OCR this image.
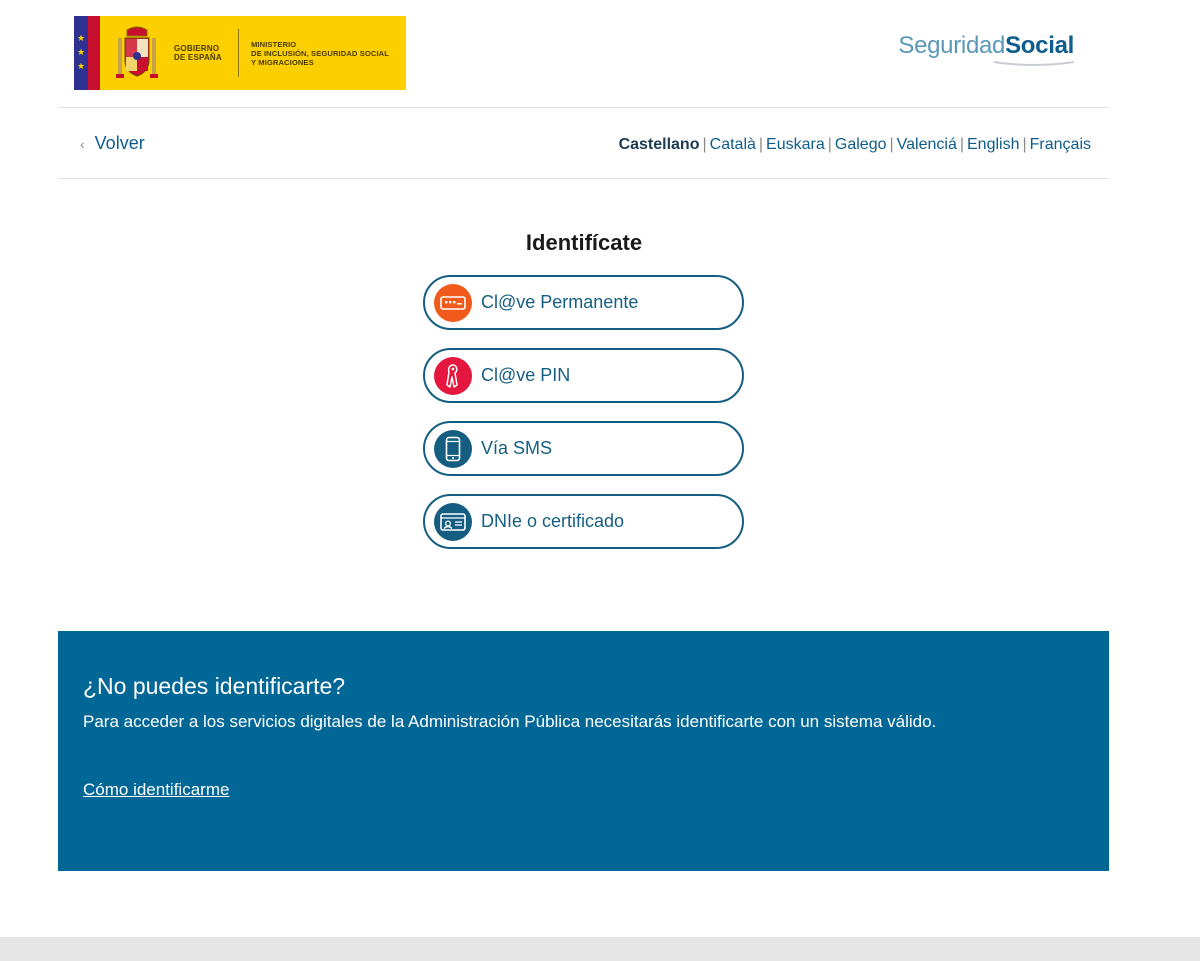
★
★
★
GOBIERNO
DE ESPAÑA
MINISTERIO
DE INCLUSIÓN, SEGURIDAD SOCIAL
Y MIGRACIONES
SeguridadSocial
‹ Volver	Castellano | Català | Euskara | Galego | Valenciá | English | Français
Identifícate
Cl@ve Permanente
Cl@ve PIN
Vía SMS
DNIe o certificado
¿No puedes identificarte?

Para acceder a los servicios digitales de la Administración Pública necesitarás identificarte con un sistema válido.

Cómo identificarme
